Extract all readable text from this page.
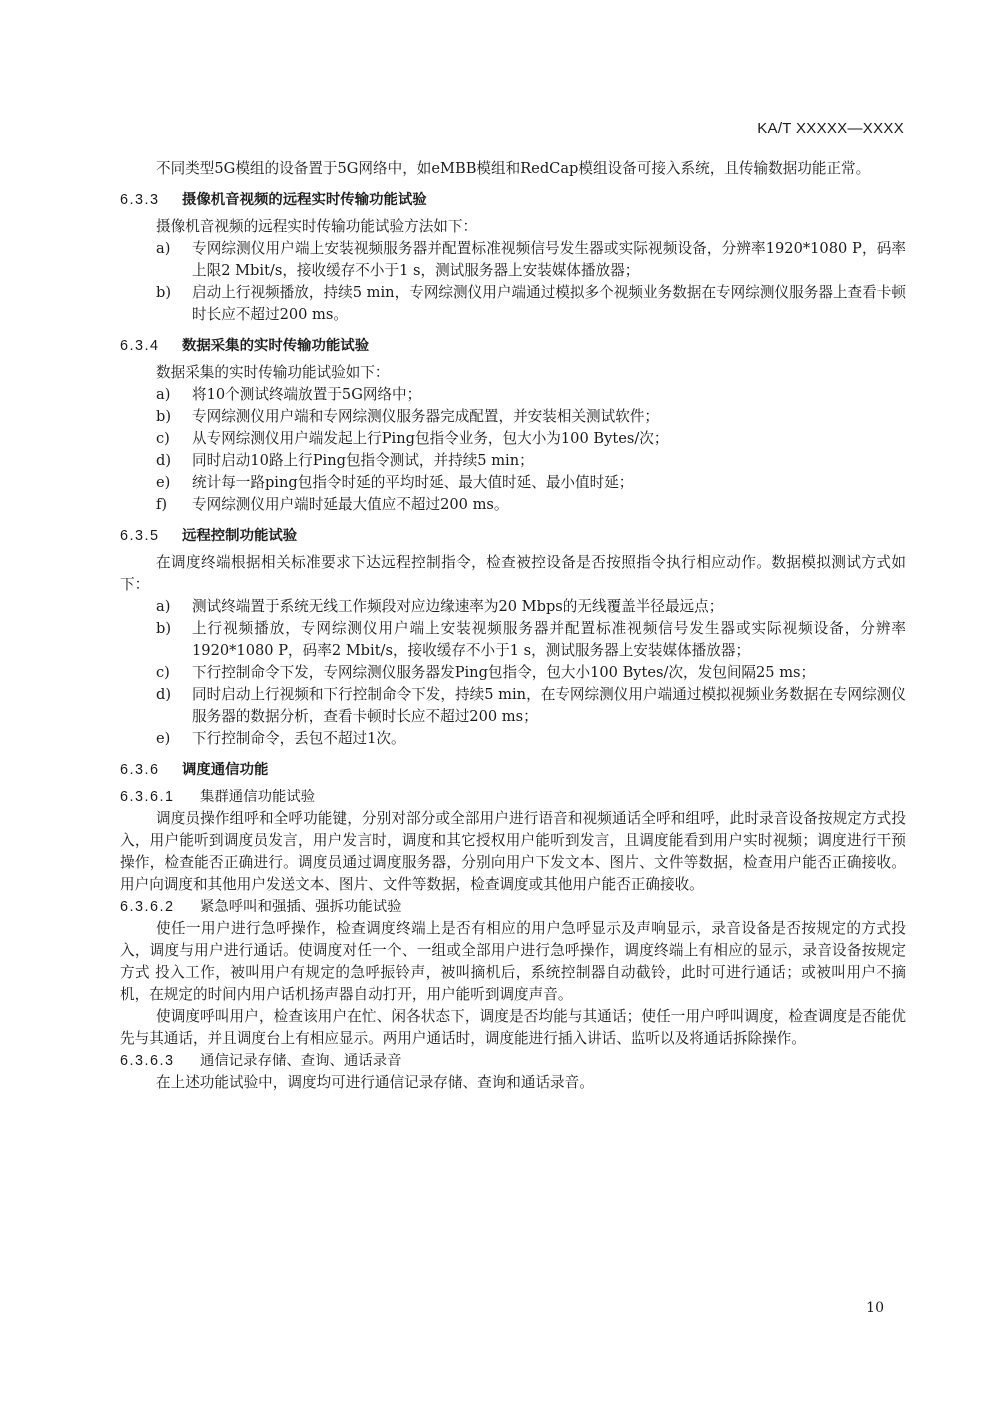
KA/T XXXXX—XXXX

不同类型5G模组的设备置于5G网络中，如eMBB模组和RedCap模组设备可接入系统，且传输数据功能正常。

6.3.3 摄像机音视频的远程实时传输功能试验

摄像机音视频的远程实时传输功能试验方法如下：

a)	专网综测仪用户端上安装视频服务器并配置标准视频信号发生器或实际视频设备，分辨率1920*1080 P，码率上限2 Mbit/s，接收缓存不小于1 s，测试服务器上安装媒体播放器；
b)	启动上行视频播放，持续5 min，专网综测仪用户端通过模拟多个视频业务数据在专网综测仪服务器上查看卡顿时长应不超过200 ms。
6.3.4 数据采集的实时传输功能试验

数据采集的实时传输功能试验如下：

a)	将10个测试终端放置于5G网络中；
b)	专网综测仪用户端和专网综测仪服务器完成配置，并安装相关测试软件；
c)	从专网综测仪用户端发起上行Ping包指令业务，包大小为100 Bytes/次；
d)	同时启动10路上行Ping包指令测试，并持续5 min；
e)	统计每一路ping包指令时延的平均时延、最大值时延、最小值时延；
f)	专网综测仪用户端时延最大值应不超过200 ms。
6.3.5 远程控制功能试验

在调度终端根据相关标准要求下达远程控制指令，检查被控设备是否按照指令执行相应动作。数据模拟测试方式如下：

a)	测试终端置于系统无线工作频段对应边缘速率为20 Mbps的无线覆盖半径最远点；
b)	上行视频播放，专网综测仪用户端上安装视频服务器并配置标准视频信号发生器或实际视频设备，分辨率1920*1080 P，码率2 Mbit/s，接收缓存不小于1 s，测试服务器上安装媒体播放器；
c)	下行控制命令下发，专网综测仪服务器发Ping包指令，包大小100 Bytes/次，发包间隔25 ms；
d)	同时启动上行视频和下行控制命令下发，持续5 min，在专网综测仪用户端通过模拟视频业务数据在专网综测仪服务器的数据分析，查看卡顿时长应不超过200 ms；
e)	下行控制命令，丢包不超过1次。
6.3.6 调度通信功能
6.3.6.1 集群通信功能试验

调度员操作组呼和全呼功能键，分别对部分或全部用户进行语音和视频通话全呼和组呼，此时录音设备按规定方式投入，用户能听到调度员发言，用户发言时，调度和其它授权用户能听到发言，且调度能看到用户实时视频；调度进行干预操作，检查能否正确进行。调度员通过调度服务器，分别向用户下发文本、图片、文件等数据，检查用户能否正确接收。用户向调度和其他用户发送文本、图片、文件等数据，检查调度或其他用户能否正确接收。

6.3.6.2 紧急呼叫和强插、强拆功能试验

使任一用户进行急呼操作，检查调度终端上是否有相应的用户急呼显示及声响显示，录音设备是否按规定的方式投入，调度与用户进行通话。使调度对任一个、一组或全部用户进行急呼操作，调度终端上有相应的显示，录音设备按规定方式 投入工作，被叫用户有规定的急呼振铃声，被叫摘机后，系统控制器自动截铃，此时可进行通话；或被叫用户不摘机，在规定的时间内用户话机扬声器自动打开，用户能听到调度声音。

使调度呼叫用户，检查该用户在忙、闲各状态下，调度是否均能与其通话；使任一用户呼叫调度，检查调度是否能优先与其通话，并且调度台上有相应显示。两用户通话时，调度能进行插入讲话、监听以及将通话拆除操作。

6.3.6.3 通信记录存储、查询、通话录音

在上述功能试验中，调度均可进行通信记录存储、查询和通话录音。

10
